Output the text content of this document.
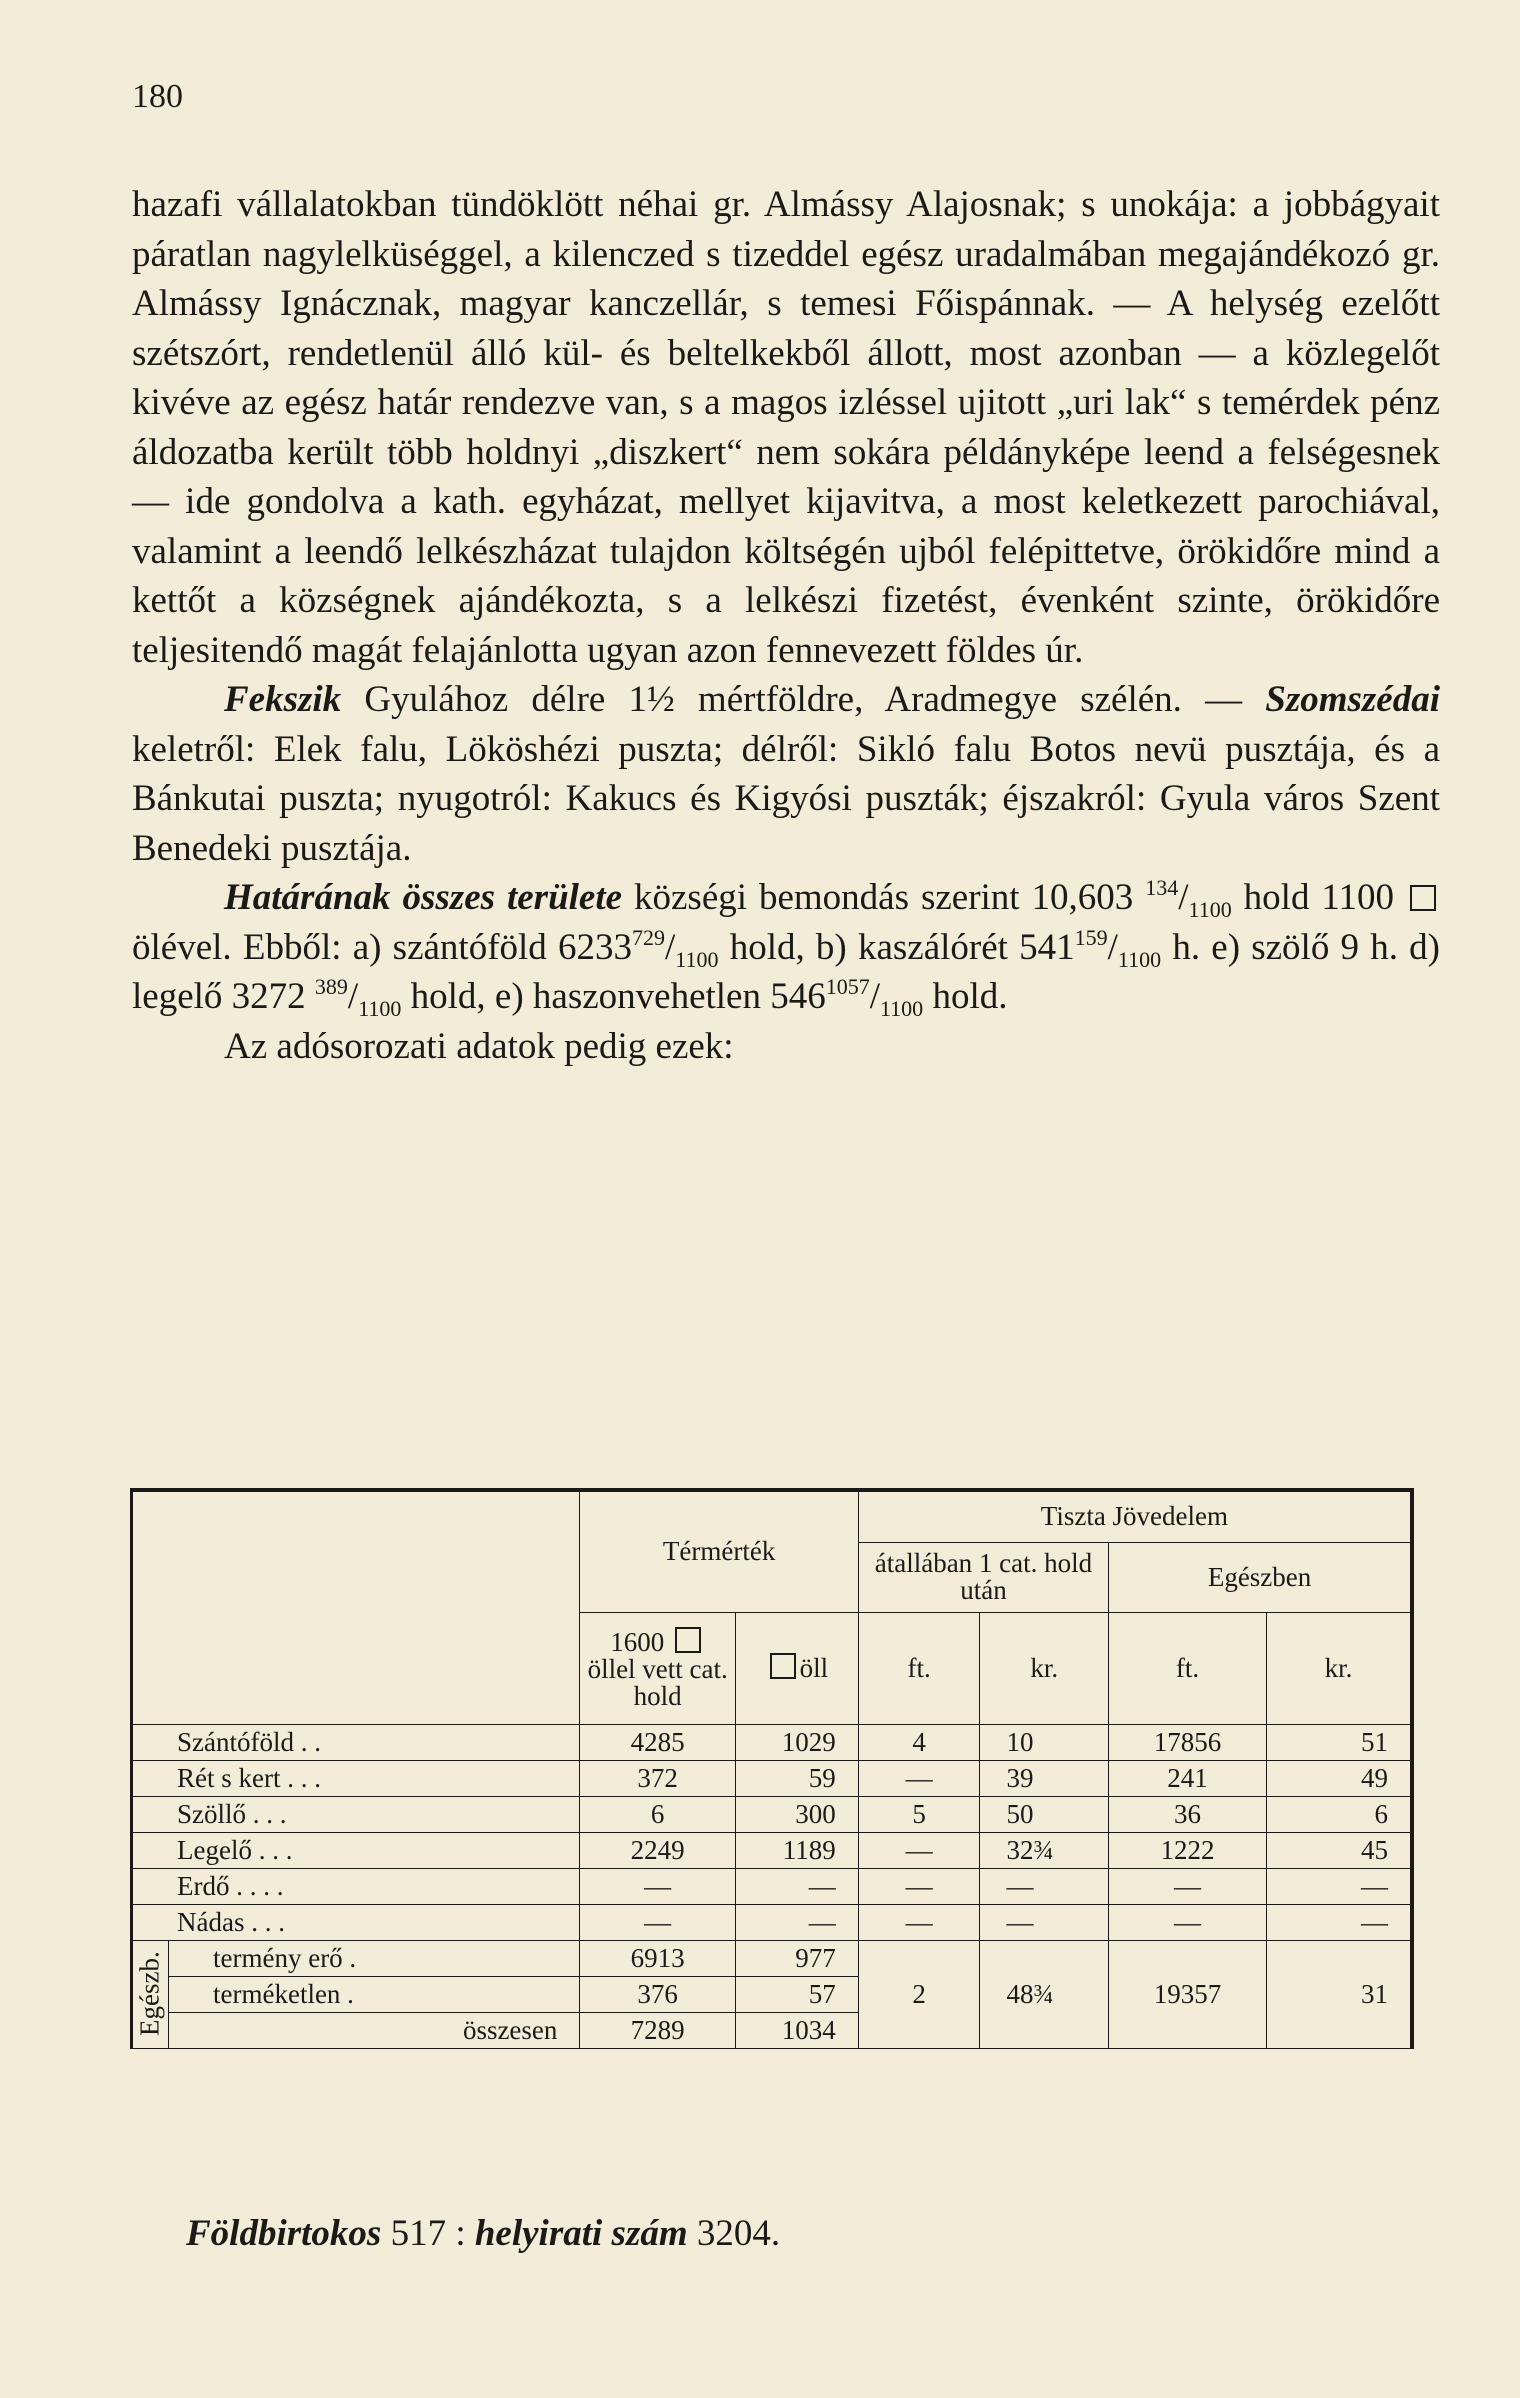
180

hazafi vállalatokban tündöklött néhai gr. Almássy Alajosnak; s unokája: a jobbágyait páratlan nagylelküséggel, a kilenczed s tizeddel egész uradalmában megajándékozó gr. Almássy Ignácznak, magyar kanczellár, s temesi Főispánnak. — A helység ezelőtt szétszórt, rendetlenül álló kül- és beltelkekből állott, most azonban — a közlegelőt kivéve az egész határ rendezve van, s a magos izléssel ujitott „uri lak“ s temérdek pénz áldozatba került több holdnyi „diszkert“ nem sokára példányképe leend a felségesnek — ide gondolva a kath. egyházat, mellyet kijavitva, a most keletkezett parochiával, valamint a leendő lelkészházat tulajdon költségén ujból felépittetve, örökidőre mind a kettőt a községnek ajándékozta, s a lelkészi fizetést, évenként szinte, örökidőre teljesitendő magát felajánlotta ugyan azon fennevezett földes úr.

Fekszik Gyulához délre 1½ mértföldre, Aradmegye szélén. — Szomszédai keletről: Elek falu, Lököshézi puszta; délről: Sikló falu Botos nevü pusztája, és a Bánkutai puszta; nyugotról: Kakucs és Kigyósi puszták; éjszakról: Gyula város Szent Benedeki pusztája.

Határának összes területe községi bemondás szerint 10,603 $^{134}/_{1100}$ hold 1100  ölével. Ebből: a) szántóföld $6233^{729}/_{1100}$ hold, b) kaszálórét $541^{159}/_{1100}$ h. e) szölő 9 h. d) legelő 3272 $^{389}/_{1100}$ hold, e) haszonvehetlen $546^{1057}/_{1100}$ hold.

Az adósorozati adatok pedig ezek:

		Térmérték		Tiszta Jövedelem			
				átallában 1 cat. hold után		Egészben	
		1600
öllel vett cat. hold	öll	ft.	kr.	ft.	kr.
Szántóföld . .		4285	1029	4	10	17856	51
Rét s kert . . .		372	59	—	39	241	49
Szöllő . . .		6	300	5	50	36	6
Legelő . . .		2249	1189	—	32¾	1222	45
Erdő . . . .		—	—	—	—	—	—
Nádas . . .		—	—	—	—	—	—
Egészb.	termény erő .	6913	977	2	48¾	19357	31
	terméketlen .	376	57				
	összesen	7289	1034				
Földbirtokos 517 : helyirati szám 3204.
